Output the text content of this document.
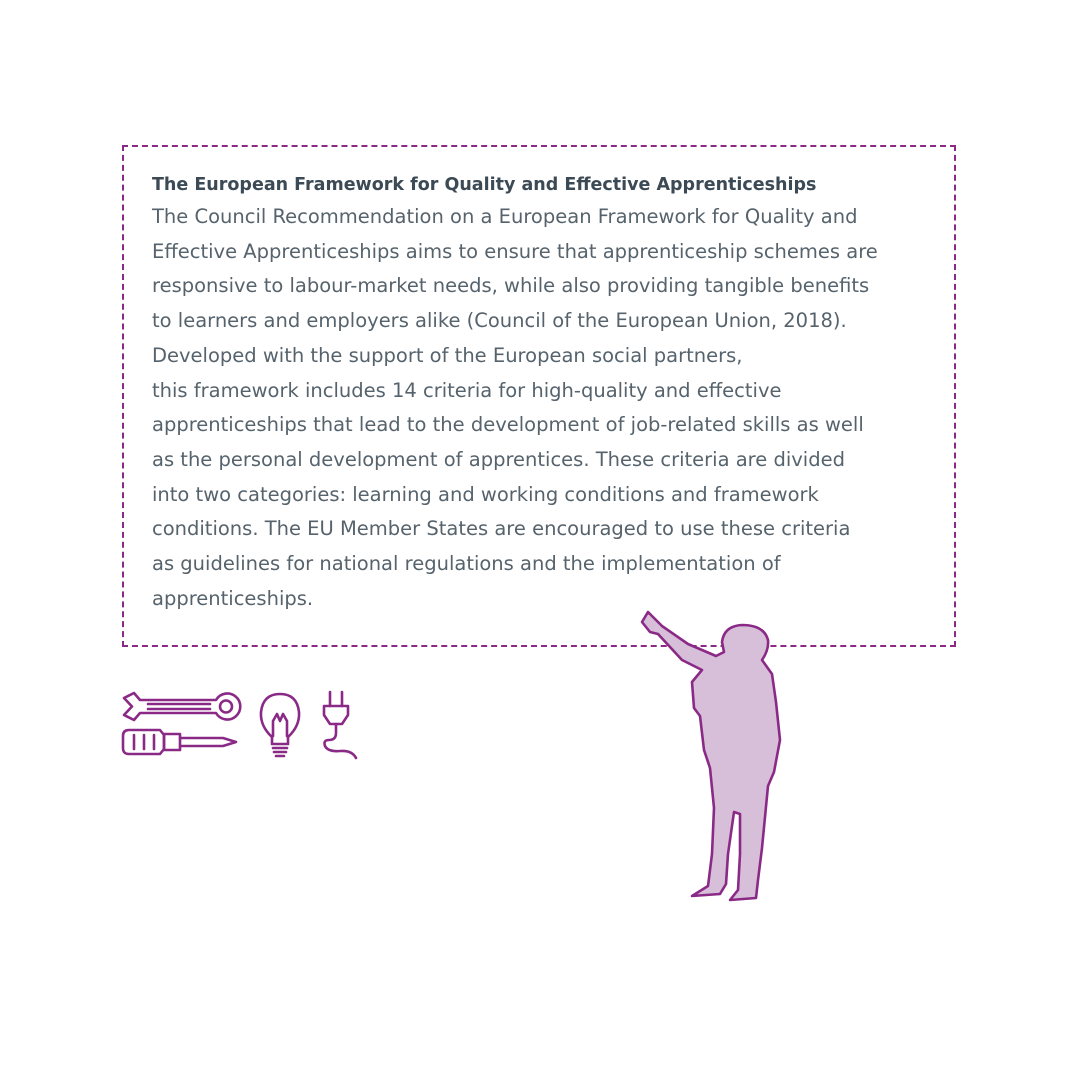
The European Framework for Quality and Effective Apprenticeships
The Council Recommendation on a European Framework for Quality and
Effective Apprenticeships aims to ensure that apprenticeship schemes are
responsive to labour-market needs, while also providing tangible benefits
to learners and employers alike (Council of the European Union, 2018).
Developed with the support of the European social partners,
this framework includes 14 criteria for high-quality and effective
apprenticeships that lead to the development of job-related skills as well
as the personal development of apprentices. These criteria are divided
into two categories: learning and working conditions and framework
conditions. The EU Member States are encouraged to use these criteria
as guidelines for national regulations and the implementation of
apprenticeships.
